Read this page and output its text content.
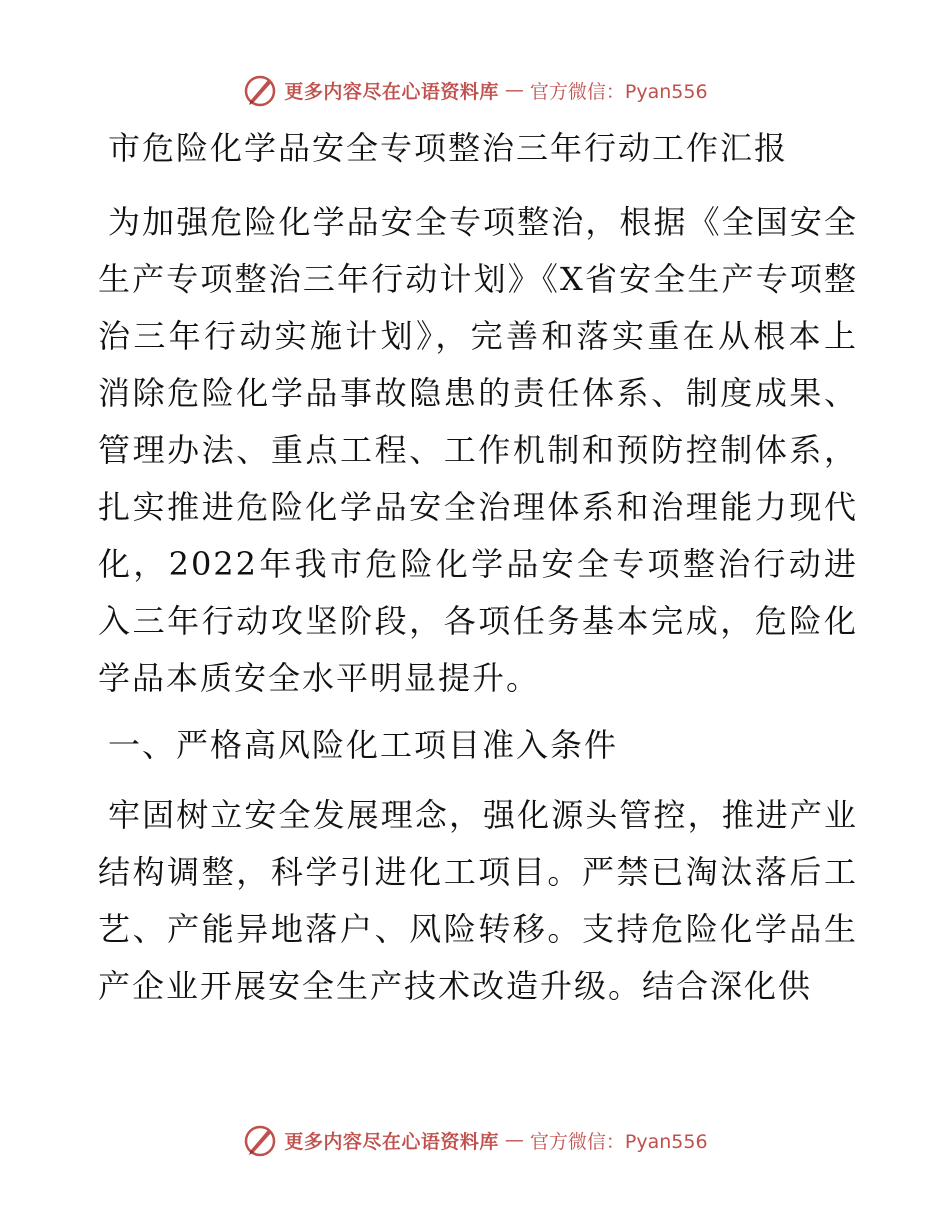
更多内容尽在心语资料库 — 官方微信：Pyan556
市危险化学品安全专项整治三年行动工作汇报

为加强危险化学品安全专项整治，根据《全国安全生产专项整治三年行动计划》《X省安全生产专项整治三年行动实施计划》，完善和落实重在从根本上消除危险化学品事故隐患的责任体系、制度成果、管理办法、重点工程、工作机制和预防控制体系，扎实推进危险化学品安全治理体系和治理能力现代化，2022年我市危险化学品安全专项整治行动进入三年行动攻坚阶段，各项任务基本完成，危险化学品本质安全水平明显提升。

一、严格高风险化工项目准入条件

牢固树立安全发展理念，强化源头管控，推进产业结构调整，科学引进化工项目。严禁已淘汰落后工艺、产能异地落户、风险转移。支持危险化学品生产企业开展安全生产技术改造升级。结合深化供

更多内容尽在心语资料库 — 官方微信：Pyan556
